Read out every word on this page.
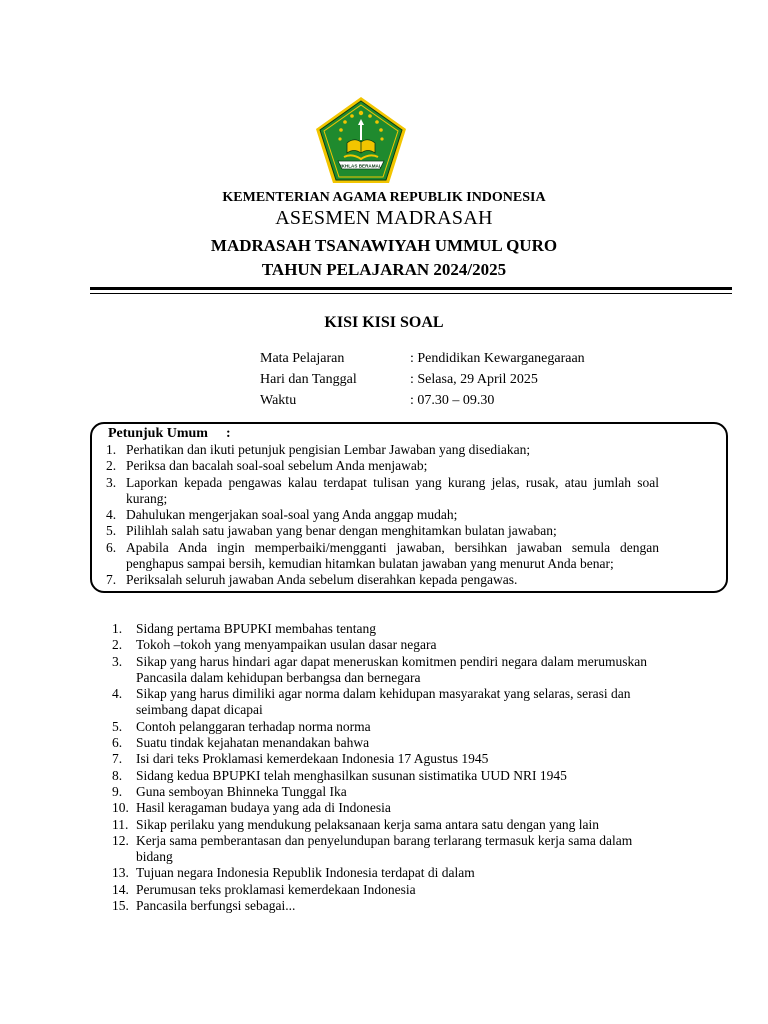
IKHLAS BERAMAL
KEMENTERIAN AGAMA REPUBLIK INDONESIA
ASESMEN MADRASAH
MADRASAH TSANAWIYAH UMMUL QURO
TAHUN PELAJARAN 2024/2025
KISI KISI SOAL
Mata Pelajaran	: Pendidikan Kewarganegaraan
Hari dan Tanggal	: Selasa, 29 April 2025
Waktu	: 07.30 – 09.30
Petunjuk Umum :
1. Perhatikan dan ikuti petunjuk pengisian Lembar Jawaban yang disediakan;
2. Periksa dan bacalah soal-soal sebelum Anda menjawab;
3. Laporkan kepada pengawas kalau terdapat tulisan yang kurang jelas, rusak, atau jumlah soal kurang;
4. Dahulukan mengerjakan soal-soal yang Anda anggap mudah;
5. Pilihlah salah satu jawaban yang benar dengan menghitamkan bulatan jawaban;
6. Apabila Anda ingin memperbaiki/mengganti jawaban, bersihkan jawaban semula dengan penghapus sampai bersih, kemudian hitamkan bulatan jawaban yang menurut Anda benar;
7. Periksalah seluruh jawaban Anda sebelum diserahkan kepada pengawas.
1.	Sidang pertama BPUPKI membahas tentang
2.	Tokoh –tokoh yang menyampaikan usulan dasar negara
3.	Sikap yang harus hindari agar dapat meneruskan komitmen pendiri negara dalam merumuskan Pancasila dalam kehidupan berbangsa dan bernegara
4.	Sikap yang harus dimiliki agar norma dalam kehidupan masyarakat yang selaras, serasi dan seimbang dapat dicapai
5.	Contoh pelanggaran terhadap norma norma
6.	Suatu tindak kejahatan menandakan bahwa
7.	Isi dari teks Proklamasi kemerdekaan Indonesia 17 Agustus 1945
8.	Sidang kedua BPUPKI telah menghasilkan susunan sistimatika UUD NRI 1945
9.	Guna semboyan Bhinneka Tunggal Ika
10. Hasil keragaman budaya yang ada di Indonesia
11. Sikap perilaku yang mendukung pelaksanaan kerja sama antara satu dengan yang lain
12. Kerja sama pemberantasan dan penyelundupan barang terlarang termasuk kerja sama dalam bidang
13. Tujuan negara Indonesia Republik Indonesia terdapat di dalam
14. Perumusan teks proklamasi kemerdekaan Indonesia
15. Pancasila berfungsi sebagai...
